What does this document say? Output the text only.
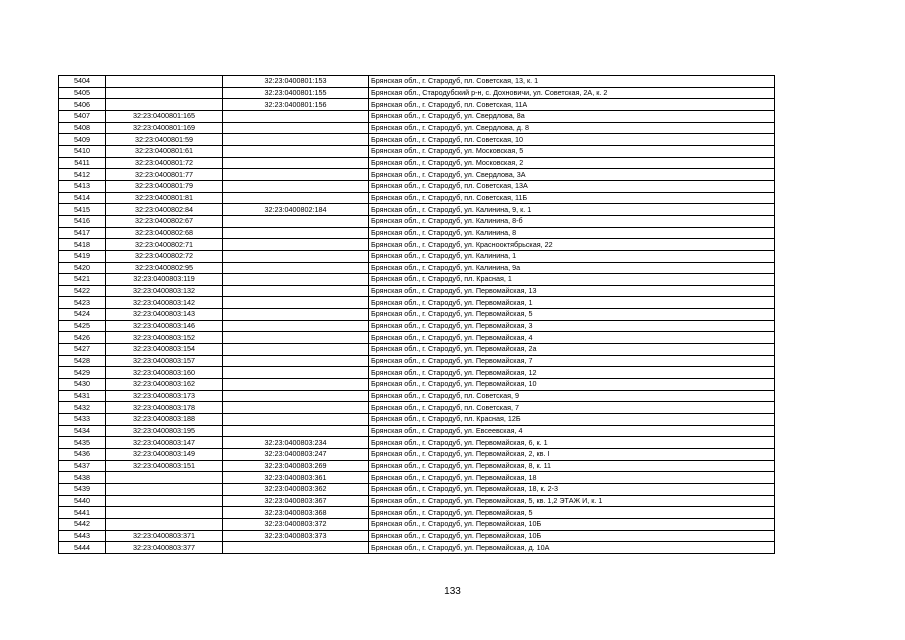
5404		32:23:0400801:153	Брянская обл., г. Стародуб, пл. Советская, 13, к. 1
5405		32:23:0400801:155	Брянская обл., Стародубский р-н, с. Дохновичи, ул. Советская, 2А, к. 2
5406		32:23:0400801:156	Брянская обл., г. Стародуб, пл. Советская, 11А
5407	32:23:0400801:165		Брянская обл., г. Стародуб, ул. Свердлова, 8а
5408	32:23:0400801:169		Брянская обл., г. Стародуб, ул. Свердлова, д. 8
5409	32:23:0400801:59		Брянская обл., г. Стародуб, пл. Советская, 10
5410	32:23:0400801:61		Брянская обл., г. Стародуб, ул. Московская, 5
5411	32:23:0400801:72		Брянская обл., г. Стародуб, ул. Московская, 2
5412	32:23:0400801:77		Брянская обл., г. Стародуб, ул. Свердлова, 3А
5413	32:23:0400801:79		Брянская обл., г. Стародуб, пл. Советская, 13А
5414	32:23:0400801:81		Брянская обл., г. Стародуб, пл. Советская, 11Б
5415	32:23:0400802:84	32:23:0400802:184	Брянская обл., г. Стародуб, ул. Калинина, 9, к. 1
5416	32:23:0400802:67		Брянская обл., г. Стародуб, ул. Калинина, 8-б
5417	32:23:0400802:68		Брянская обл., г. Стародуб, ул. Калинина, 8
5418	32:23:0400802:71		Брянская обл., г. Стародуб, ул. Краснооктябрьская, 22
5419	32:23:0400802:72		Брянская обл., г. Стародуб, ул. Калинина, 1
5420	32:23:0400802:95		Брянская обл., г. Стародуб, ул. Калинина, 9а
5421	32:23:0400803:119		Брянская обл., г. Стародуб, пл. Красная, 1
5422	32:23:0400803:132		Брянская обл., г. Стародуб, ул. Первомайская, 13
5423	32:23:0400803:142		Брянская обл., г. Стародуб, ул. Первомайская, 1
5424	32:23:0400803:143		Брянская обл., г. Стародуб, ул. Первомайская, 5
5425	32:23:0400803:146		Брянская обл., г. Стародуб, ул. Первомайская, 3
5426	32:23:0400803:152		Брянская обл., г. Стародуб, ул. Первомайская, 4
5427	32:23:0400803:154		Брянская обл., г. Стародуб, ул. Первомайская, 2а
5428	32:23:0400803:157		Брянская обл., г. Стародуб, ул. Первомайская, 7
5429	32:23:0400803:160		Брянская обл., г. Стародуб, ул. Первомайская, 12
5430	32:23:0400803:162		Брянская обл., г. Стародуб, ул. Первомайская, 10
5431	32:23:0400803:173		Брянская обл., г. Стародуб, пл. Советская, 9
5432	32:23:0400803:178		Брянская обл., г. Стародуб, пл. Советская, 7
5433	32:23:0400803:188		Брянская обл., г. Стародуб, пл. Красная, 12Б
5434	32:23:0400803:195		Брянская обл., г. Стародуб, ул. Евсеевская, 4
5435	32:23:0400803:147	32:23:0400803:234	Брянская обл., г. Стародуб, ул. Первомайская, 6, к. 1
5436	32:23:0400803:149	32:23:0400803:247	Брянская обл., г. Стародуб, ул. Первомайская, 2, кв. I
5437	32:23:0400803:151	32:23:0400803:269	Брянская обл., г. Стародуб, ул. Первомайская, 8, к. 11
5438		32:23:0400803:361	Брянская обл., г. Стародуб, ул. Первомайская, 18
5439		32:23:0400803:362	Брянская обл., г. Стародуб, ул. Первомайская, 18, к. 2-3
5440		32:23:0400803:367	Брянская обл., г. Стародуб, ул. Первомайская, 5, кв. 1,2 ЭТАЖ И, к. 1
5441		32:23:0400803:368	Брянская обл., г. Стародуб, ул. Первомайская, 5
5442		32:23:0400803:372	Брянская обл., г. Стародуб, ул. Первомайская, 10Б
5443	32:23:0400803:371	32:23:0400803:373	Брянская обл., г. Стародуб, ул. Первомайская, 10Б
5444	32:23:0400803:377		Брянская обл., г. Стародуб, ул. Первомайская, д. 10А
133
